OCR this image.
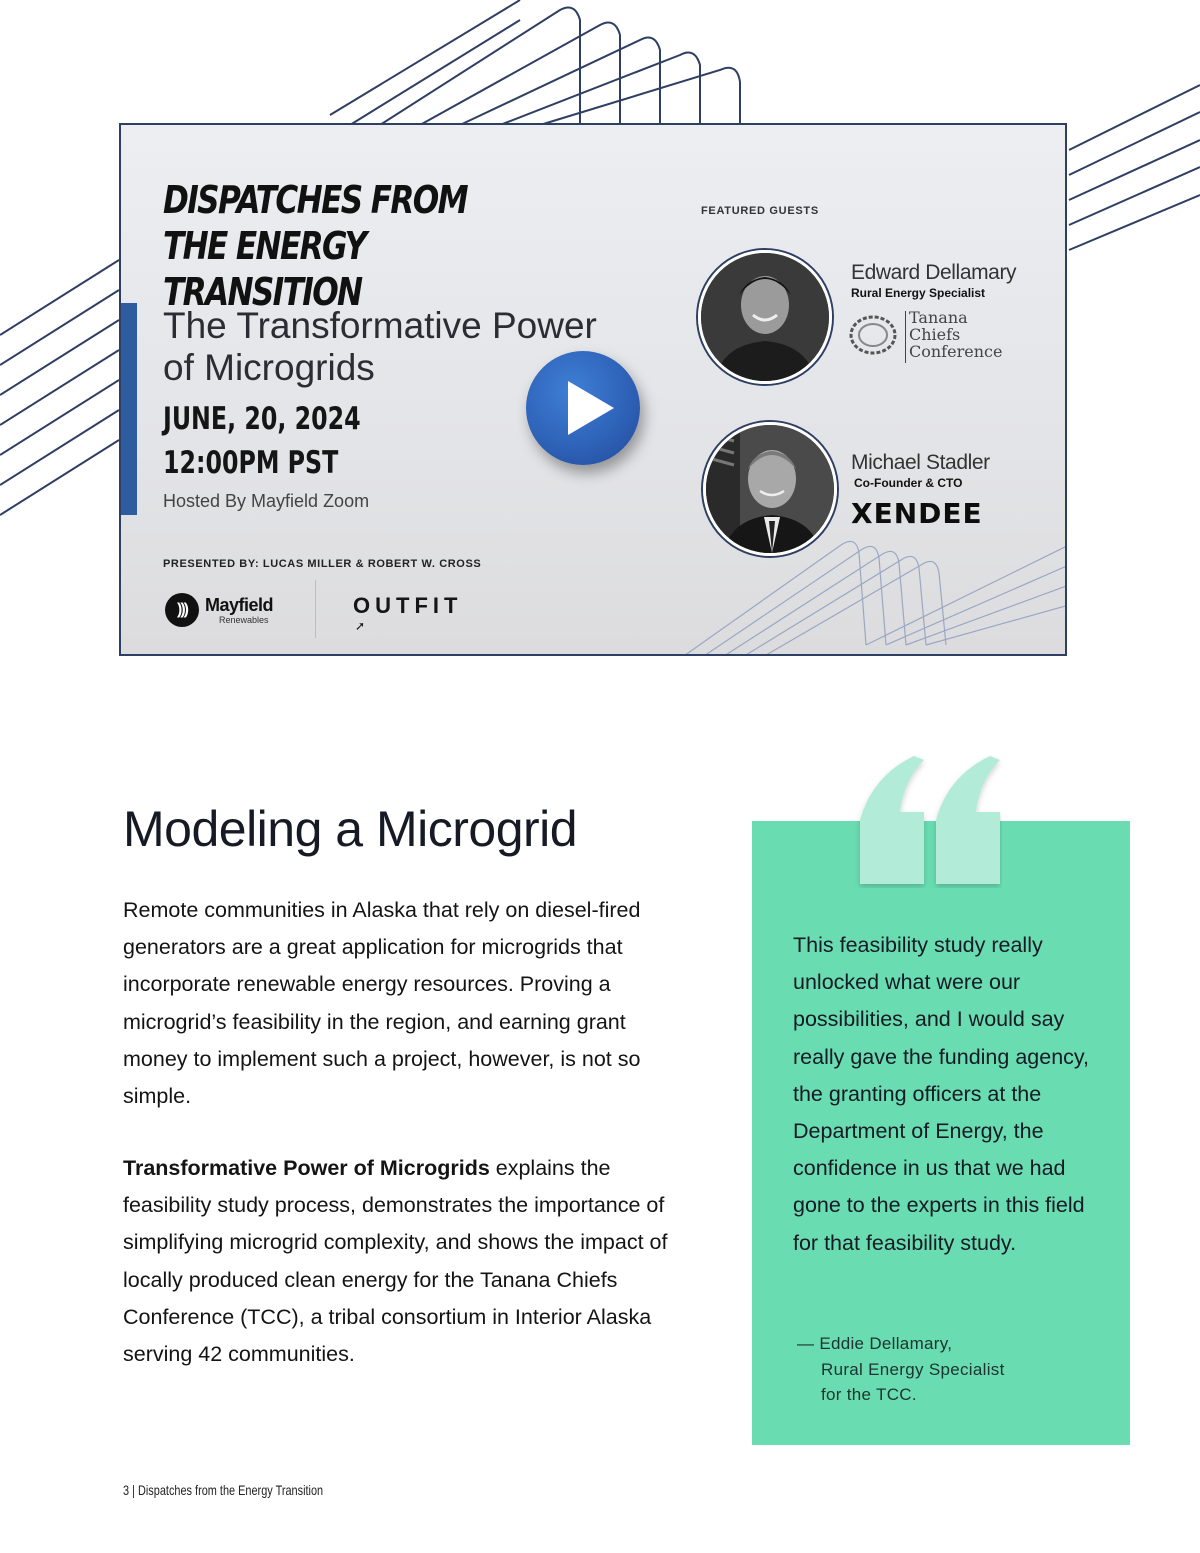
DISPATCHES FROM
THE ENERGY TRANSITION
The Transformative Power of Microgrids
JUNE, 20, 2024
12:00PM PST
Hosted By Mayfield Zoom
PRESENTED BY: LUCAS MILLER & ROBERT W. CROSS
)))	Mayfield
Renewables
OUTFIT
➚
FEATURED GUESTS
Edward Dellamary
Rural Energy Specialist
Tanana
Chiefs
Conference
Michael Stadler
Co-Founder & CTO
XENDEE
Modeling a Microgrid

Remote communities in Alaska that rely on diesel-fired generators are a great application for microgrids that incorporate renewable energy resources. Proving a microgrid’s feasibility in the region, and earning grant money to implement such a project, however, is not so simple.

Transformative Power of Microgrids explains the feasibility study process, demonstrates the importance of simplifying microgrid complexity, and shows the impact of locally produced clean energy for the Tanana Chiefs Conference (TCC), a tribal consortium in Interior Alaska serving 42 communities.

This feasibility study really unlocked what were our possibilities, and I would say really gave the funding agency, the granting officers at the Department of Energy, the confidence in us that we had gone to the experts in this field for that feasibility study.

— Eddie Dellamary,
Rural Energy Specialist
for the TCC.

3 | Dispatches from the Energy Transition
